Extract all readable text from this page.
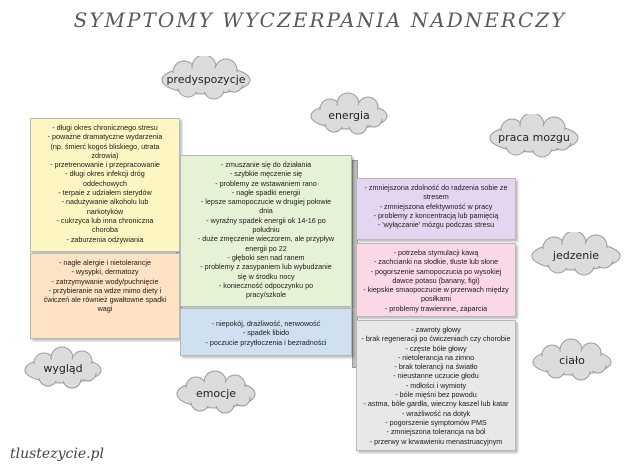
SYMPTOMY WYCZERPANIA NADNERCZY
- długi okres chronicznego stresu
- poważne dramatyczne wydarzenia
(np. śmierć kogoś bliskiego, utrata
zdrowia)
- przetrenowanie i przepracowanie
- długi okres infekcji dróg
oddechowych
- terpaie z udziałem sterydów
- nadużywanie alkoholu lub
narkotyków
- cukrzyca lub inna chroniczna
choroba
- zaburzenia odżywiania
- nagłe alergie i nietolerancje
- wysypki, dermatozy
- zatrzymywanie wody/puchnięcie
- przybieranie na wdze mimo diety i
ćwiczeń ale również gwałtowne spadki
wagi
- zmuszanie się do działania
- szybkie męczenie się
- problemy ze wstawaniem rano
- nagłe spadki energii
- lepsze samopoczucie w drugiej połowie
dnia
- wyraźny spadek energii ok 14-16 po
południu
- duże zmęczenie wieczorem, ale przypływ
energii po 22
- głęboki sen nad ranem
- problemy z zasypaniem lub wybudzanie
się w środku nocy
- konieczność odpoczynku po
pracy/szkole
- niepokój, drażliwość, nerwowość
- spadek libido
- poczucie przytłoczenia i bezradności
- zmniejszona zdolność do radzenia sobie ze
stresem
- zmniejszona efektywność w pracy
- problemy z koncentracją lub pamięcią
- 'wyłączanie' mózgu podczas stresu
- potrzeba stymulacji kawą
- zachcianki na słodkie, tłuste lub słone
- pogorszenie samopoczucia po wysokiej
dawce potasu (banany, figi)
- kiepskie smaopoczucie w przerwach między
posiłkami
- problemy trawiennne, zaparcia
- zawroty głowy
- brak regeneracji po ćwiczeniach czy chorobie
- częste bóle głowy
- nietolerancja na zimno
- brak tolerancji na światło
- nieustanne uczucie głodu
- mdłości i wymioty
- bóle mięśni bez powodu
- astma, bóle gardła, wieczny kaszel lub katar
- wrażliwość na dotyk
- pogorszenie symptomów PMS
- zmniejszona tolerancja na ból
- przerwy w krwawieniu menastruacyjnym
predyspozycje
energia
praca mozgu
jedzenie
ciało
emocje
wygląd
tlustezycie.pl
